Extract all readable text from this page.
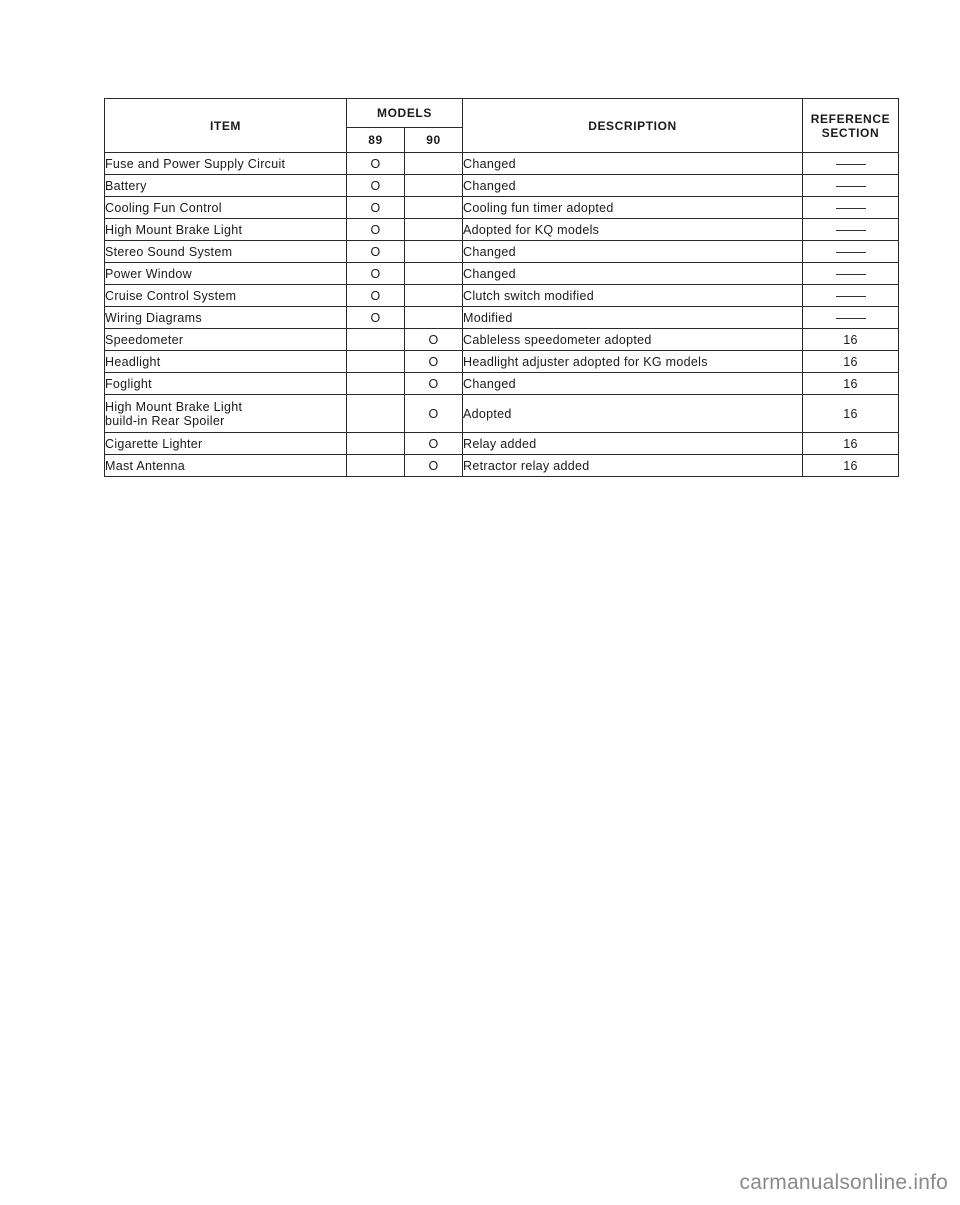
ITEM	MODELS		DESCRIPTION	REFERENCE
SECTION

	89	90		
Fuse and Power Supply Circuit	O		Changed	
Battery	O		Changed	
Cooling Fun Control	O		Cooling fun timer adopted	
High Mount Brake Light	O		Adopted for KQ models	
Stereo Sound System	O		Changed	
Power Window	O		Changed	
Cruise Control System	O		Clutch switch modified	
Wiring Diagrams	O		Modified	
Speedometer		O	Cableless speedometer adopted	16
Headlight		O	Headlight adjuster adopted for KG models	16
Foglight		O	Changed	16

High Mount Brake Light
build-in Rear Spoiler		O	Adopted	16
Cigarette Lighter		O	Relay added	16
Mast Antenna		O	Retractor relay added	16
carmanualsonline.info
